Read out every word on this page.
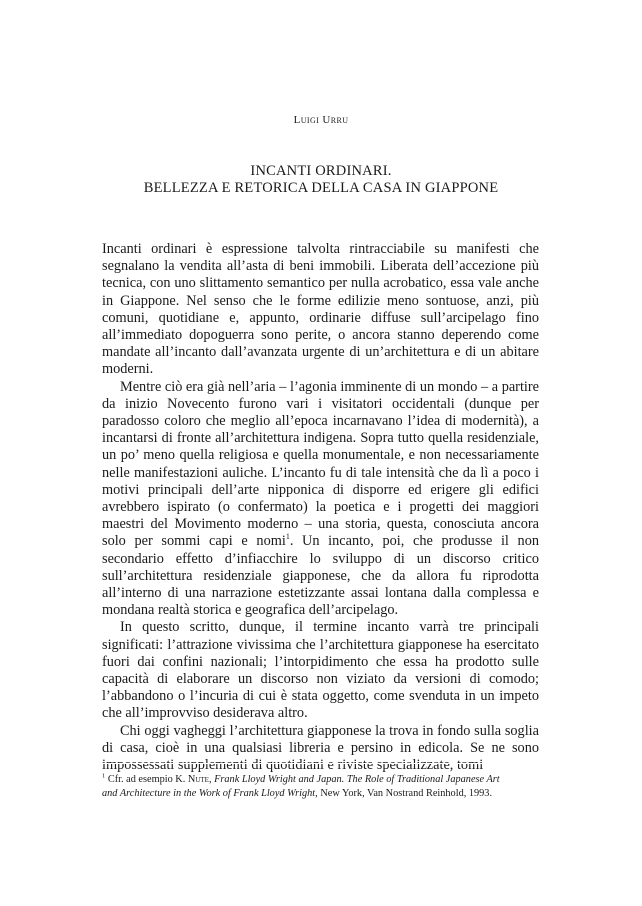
Luigi Urru
INCANTI ORDINARI.
BELLEZZA E RETORICA DELLA CASA IN GIAPPONE

Incanti ordinari è espressione talvolta rintracciabile su manifesti che segnalano la vendita all’asta di beni immobili. Liberata dell’accezione più tecnica, con uno slittamento semantico per nulla acrobatico, essa vale anche in Giappone. Nel senso che le forme edilizie meno sontuose, anzi, più comuni, quotidiane e, appunto, ordinarie diffuse sull’arcipelago fino all’immediato dopoguerra sono perite, o ancora stanno deperendo come mandate all’incanto dall’avanzata urgente di un’architettura e di un abitare moderni.

Mentre ciò era già nell’aria – l’agonia imminente di un mondo – a partire da inizio Novecento furono vari i visitatori occidentali (dunque per paradosso coloro che meglio all’epoca incarnavano l’idea di modernità), a incantarsi di fronte all’architettura indigena. Sopra tutto quella residenziale, un po’ meno quella religiosa e quella monumentale, e non necessariamente nelle manifestazioni auliche. L’incanto fu di tale intensità che da lì a poco i motivi principali dell’arte nipponica di disporre ed erigere gli edifici avrebbero ispirato (o confermato) la poetica e i progetti dei maggiori maestri del Movimento moderno – una storia, questa, conosciuta ancora solo per sommi capi e nomi$^1$. Un incanto, poi, che produsse il non secondario effetto d’infiacchire lo sviluppo di un discorso critico sull’architettura residenziale giapponese, che da allora fu riprodotta all’interno di una narrazione estetizzante assai lontana dalla complessa e mondana realtà storica e geografica dell’arcipelago.

In questo scritto, dunque, il termine incanto varrà tre principali significati: l’attrazione vivissima che l’architettura giapponese ha esercitato fuori dai confini nazionali; l’intorpidimento che essa ha prodotto sulle capacità di elaborare un discorso non viziato da versioni di comodo; l’abbandono o l’incuria di cui è stata oggetto, come svenduta in un impeto che all’improvviso desiderava altro.

Chi oggi vagheggi l’architettura giapponese la trova in fondo sulla soglia di casa, cioè in una qualsiasi libreria e persino in edicola. Se ne sono impossessati supplementi di quotidiani e riviste specializzate, tomi

$^1$ Cfr. ad esempio K. Nute, Frank Lloyd Wright and Japan. The Role of Traditional Japanese Art
and Architecture in the Work of Frank Lloyd Wright, New York, Van Nostrand Reinhold, 1993.
